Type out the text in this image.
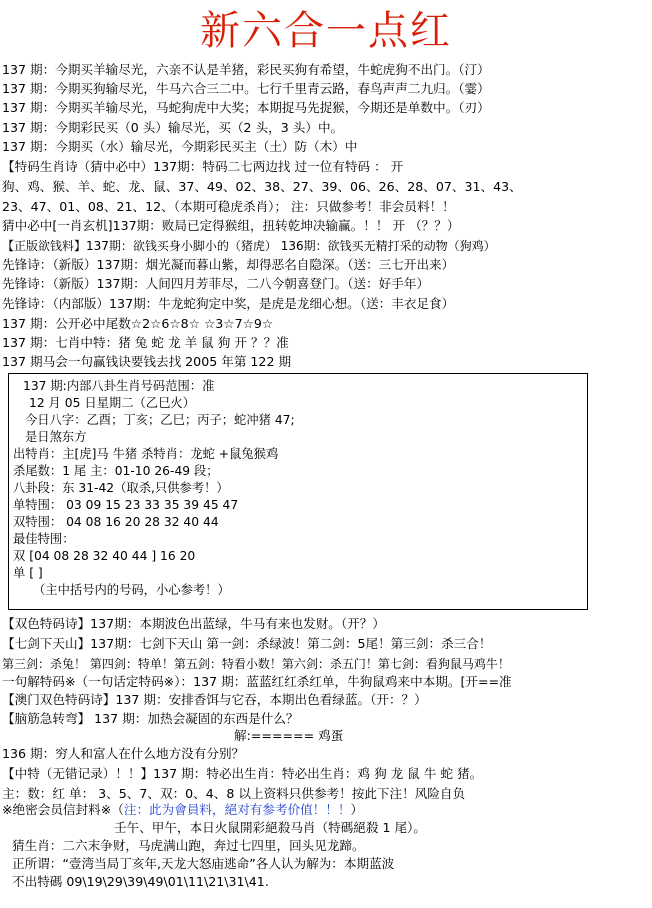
新六合一点红
137 期：今期买羊输尽光，六亲不认是羊猪，彩民买狗有希望，牛蛇虎狗不出门。（汀）
137 期：今期买狗输尽光，牛马六合三二中。七行千里青云路，春鸟声声二九归。（霎）
137 期：今期买羊输尽光，马蛇狗虎中大奖；本期捉马先捉猴，今期还是单数中。（刃）
137 期：今期彩民买（0 头）输尽光，买（2 头，3 头）中。
137 期：今期买（水）输尽光，今期彩民买主（土）防（木）中
【特码生肖诗（猜中必中）137期：特码二七两边找 过一位有特码 ： 开
狗、鸡、猴、羊、蛇、龙、鼠、37、49、02、38、27、39、06、26、28、07、31、43、
23、47、01、08、21、12、（本期可稳虎杀肖）； 注：只做参考！非会员料！！
猜中必中[一肖玄机]137期：败局已定得猴组，扭转乾坤决输赢。！！ 开 （？？）
【正版欲钱料】137期：欲钱买身小脚小的（猪虎） 136期：欲钱买无精打采的动物（狗鸡）
先锋诗：（新版）137期：烟光凝而暮山紫，却得恶名自隐深。（送：三七开出来）
先锋诗：（新版）137期：人间四月芳菲尽，二八今朝喜登门。（送：好手年）
先锋诗：（内部版）137期：牛龙蛇狗定中奖，是虎是龙细心想。（送：丰衣足食）
137 期：公开必中尾数☆2☆6☆8☆ ☆3☆7☆9☆
137 期：七肖中特：猪 兔 蛇 龙 羊 鼠 狗 开 ？？准
137 期马会一句赢钱诀要钱去找 2005 年第 122 期
137 期:内部八卦生肖号码范围：准
12 月 05 日星期二（乙巳火）
今日八字：乙酉；丁亥；乙巳；丙子；蛇冲猪 47;
是日煞东方
出特肖：主[虎]马 牛猪 杀特肖：龙蛇 +鼠兔猴鸡
杀尾数：1 尾 主：01-10 26-49 段；
八卦段：东 31-42（取杀,只供参考！）
单特围： 03 09 15 23 33 35 39 45 47
双特围： 04 08 16 20 28 32 40 44
最佳特围：
双 [04 08 28 32 40 44 ] 16 20
单 [ ]
（主中括号内的号码，小心参考！）
【双色特码诗】137期：本期波色出蓝绿，牛马有来也发财。（开？）
【七剑下天山】137期：七剑下天山 第一剑：杀绿波！第二剑：5尾！第三剑：杀三合！
第三剑：杀兔！ 第四剑：特单！第五剑：特看小数！第六剑：杀五门！第七剑：看狗鼠马鸡牛！
一句解特码※（一句话定特码※）：137 期：蓝蓝红红杀红单，牛狗鼠鸡来中本期。[开==准
【澳门双色特码诗】137 期：安排香饵与它吞，本期出色看绿蓝。（开：？）
【脑筋急转弯】 137 期：加热会凝固的东西是什么？
解:====== 鸡蛋
136 期：穷人和富人在什么地方没有分别？
【中特（无错记录）！！】137 期：特必出生肖：特必出生肖：鸡 狗 龙 鼠 牛 蛇 猪。
主：数：红 单： 3、5、7、双：0、4、8 以上资料只供参考！按此下注！风险自负
※绝密会员信封料※（注：此为會員料，絕对有参考价值！！！）
壬午、甲午，本日火鼠開彩絕殺马肖（特碼絕殺 1 尾）。
猜生肖：二六末争财，马虎满山跑，奔过七四里，回头见龙蹄。
正所谓：“壹湾当局丁亥年,天龙大怒庙逃命”各人认为解为：本期蓝波
不出特碼 09\19\29\39\49\01\11\21\31\41.
